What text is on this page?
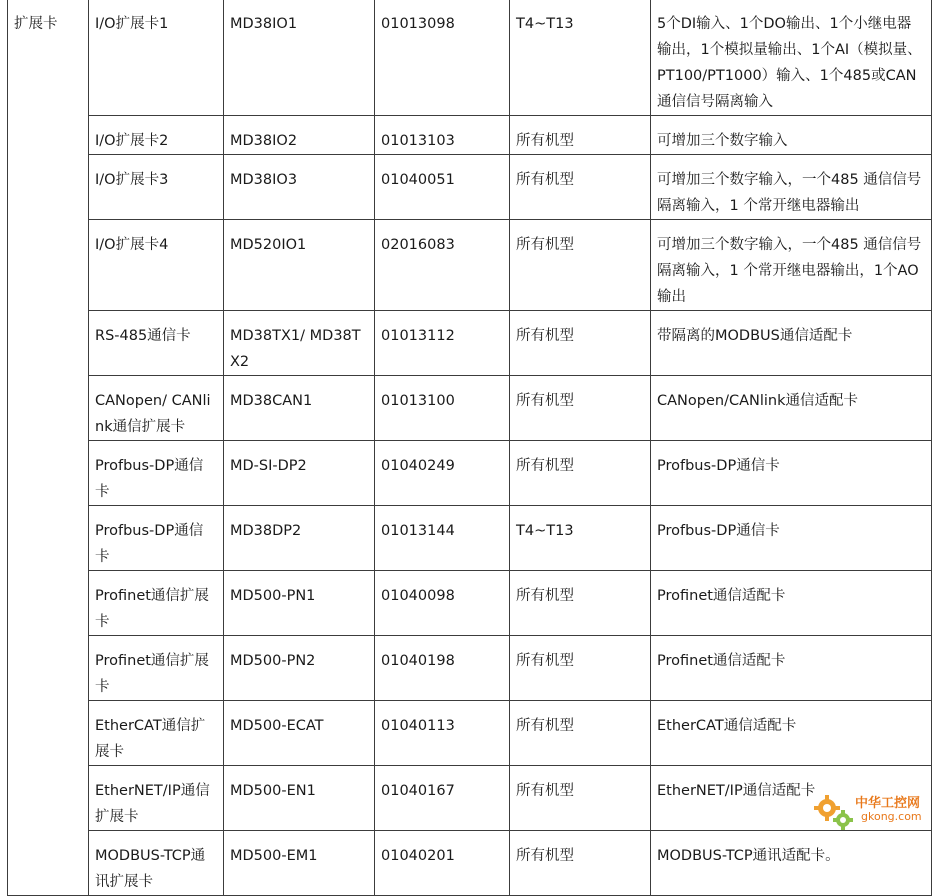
扩展卡	I/O扩展卡1	MD38IO1	01013098	T4~T13	5个DI输入、1个DO输出、1个小继电器输出，1个模拟量输出、1个AI（模拟量、PT100/PT1000）输入、1个485或CAN通信信号隔离输入
	I/O扩展卡2	MD38IO2	01013103	所有机型	可增加三个数字输入
	I/O扩展卡3	MD38IO3	01040051	所有机型	可增加三个数字输入，一个485 通信信号隔离输入，1 个常开继电器输出
	I/O扩展卡4	MD520IO1	02016083	所有机型	可增加三个数字输入，一个485 通信信号隔离输入，1 个常开继电器输出，1个AO输出
	RS-485通信卡	MD38TX1/ MD38TX2	01013112	所有机型	带隔离的MODBUS通信适配卡
	CANopen/ CANlink通信扩展卡	MD38CAN1	01013100	所有机型	CANopen/CANlink通信适配卡
	Profbus-DP通信卡	MD-SI-DP2	01040249	所有机型	Profbus-DP通信卡
	Profbus-DP通信卡	MD38DP2	01013144	T4~T13	Profbus-DP通信卡
	Profinet通信扩展卡	MD500-PN1	01040098	所有机型	Profinet通信适配卡
	Profinet通信扩展卡	MD500-PN2	01040198	所有机型	Profinet通信适配卡
	EtherCAT通信扩展卡	MD500-ECAT	01040113	所有机型	EtherCAT通信适配卡
	EtherNET/IP通信扩展卡	MD500-EN1	01040167	所有机型	EtherNET/IP通信适配卡
	MODBUS-TCP通讯扩展卡	MD500-EM1	01040201	所有机型	MODBUS-TCP通讯适配卡。
中华工控网
gkong.com
